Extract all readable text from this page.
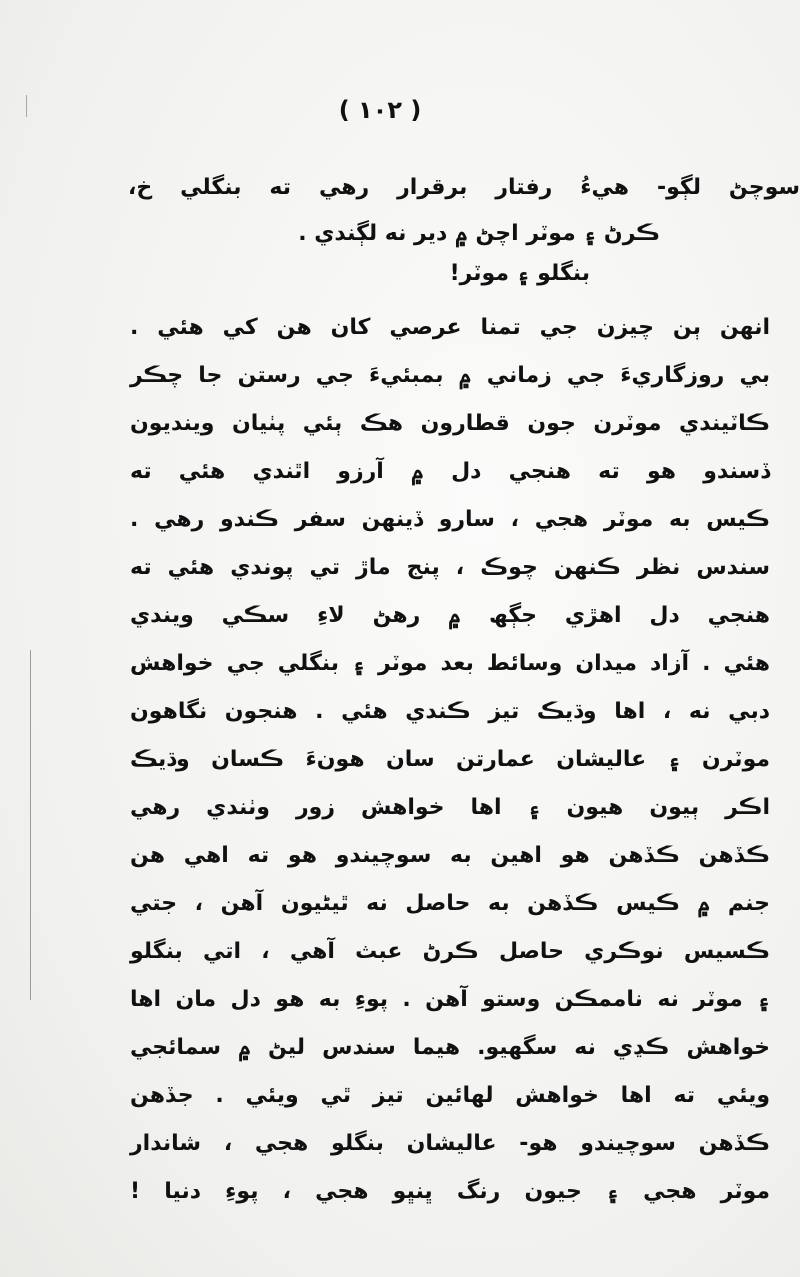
( ١٠٢ )
سوچڻ لڳو- ھيءُ رفتار برقرار رھي ته بنگلي خ،
ڪرڻ ۽ موٽر اچڻ ۾ دير نه لڳندي .
بنگلو ۽ موٽر!
انھن ٻن چيزن جي تمنا عرصي کان ھن کي ھئي .
بي روزگاريءَ جي زماني ۾ بمبئيءَ جي رستن جا چڪر
ڪاٽيندي موٽرن جون قطارون ھڪ ٻئي پٺيان وينديون
ڏسندو ھو ته ھنجي دل ۾ آرزو اٿندي ھئي ته
ڪيس به موٽر ھجي ، سارو ڏينھن سفر ڪندو رھي .
سندس نظر ڪنھن چوڪ ، پنج ماڙ تي پوندي ھئي ته
ھنجي دل اھڙي جڳھ ۾ رھڻ لاءِ سڪي ويندي
ھئي . آزاد ميدان وسائط بعد موٽر ۽ بنگلي جي خواھش
دبي نه ، اھا وڌيڪ تيز ڪندي ھئي . ھنجون نگاھون
موٽرن ۽ عاليشان عمارتن سان ھونءَ ڪسان وڌيڪ
اڪر ٻيون ھيون ۽ اھا خواھش زور وٺندي رھي
ڪڏھن ڪڏھن ھو اھين به سوچيندو ھو ته اھي ھن
جنم ۾ ڪيس ڪڏھن به حاصل نه ٿيڻيون آھن ، جتي
ڪسيس نوڪري حاصل ڪرڻ عبث آھي ، اتي بنگلو
۽ موٽر نه ناممڪن وستو آھن . پوءِ به ھو دل مان اھا
خواھش ڪڍي نه سگھيو. ھيما سندس ليڻ ۾ سمائجي
ويئي ته اھا خواھش لھائين تيز ٿي ويئي . جڏھن
ڪڏھن سوچيندو ھو- عاليشان بنگلو ھجي ، شاندار
موٽر ھجي ۽ جيون رنگ ڀنڀو ھجي ، پوءِ دنيا !
